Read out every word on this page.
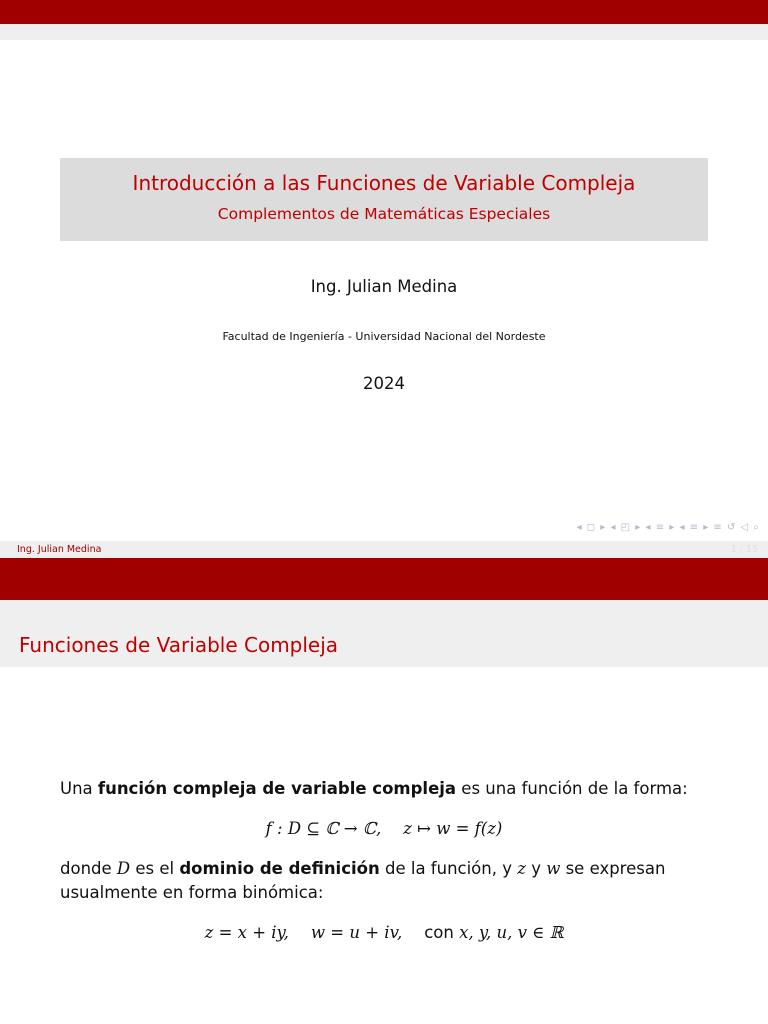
Introducción a las Funciones de Variable Compleja
Complementos de Matemáticas Especiales
Ing. Julian Medina
Facultad de Ingeniería - Universidad Nacional del Nordeste
2024
◂ ◻ ▸ ◂ ◰ ▸ ◂ ≡ ▸ ◂ ≡ ▸ ≡ ↺ ◁ ⌕
Ing. Julian Medina	1 / 15
Funciones de Variable Compleja
Una función compleja de variable compleja es una función de la forma:
f : D ⊆ ℂ → ℂ, z ↦ w = f(z)
donde D es el dominio de definición de la función, y z y w se expresan
usualmente en forma binómica:
z = x + iy, w = u + iv, con x, y, u, v ∈ ℝ
